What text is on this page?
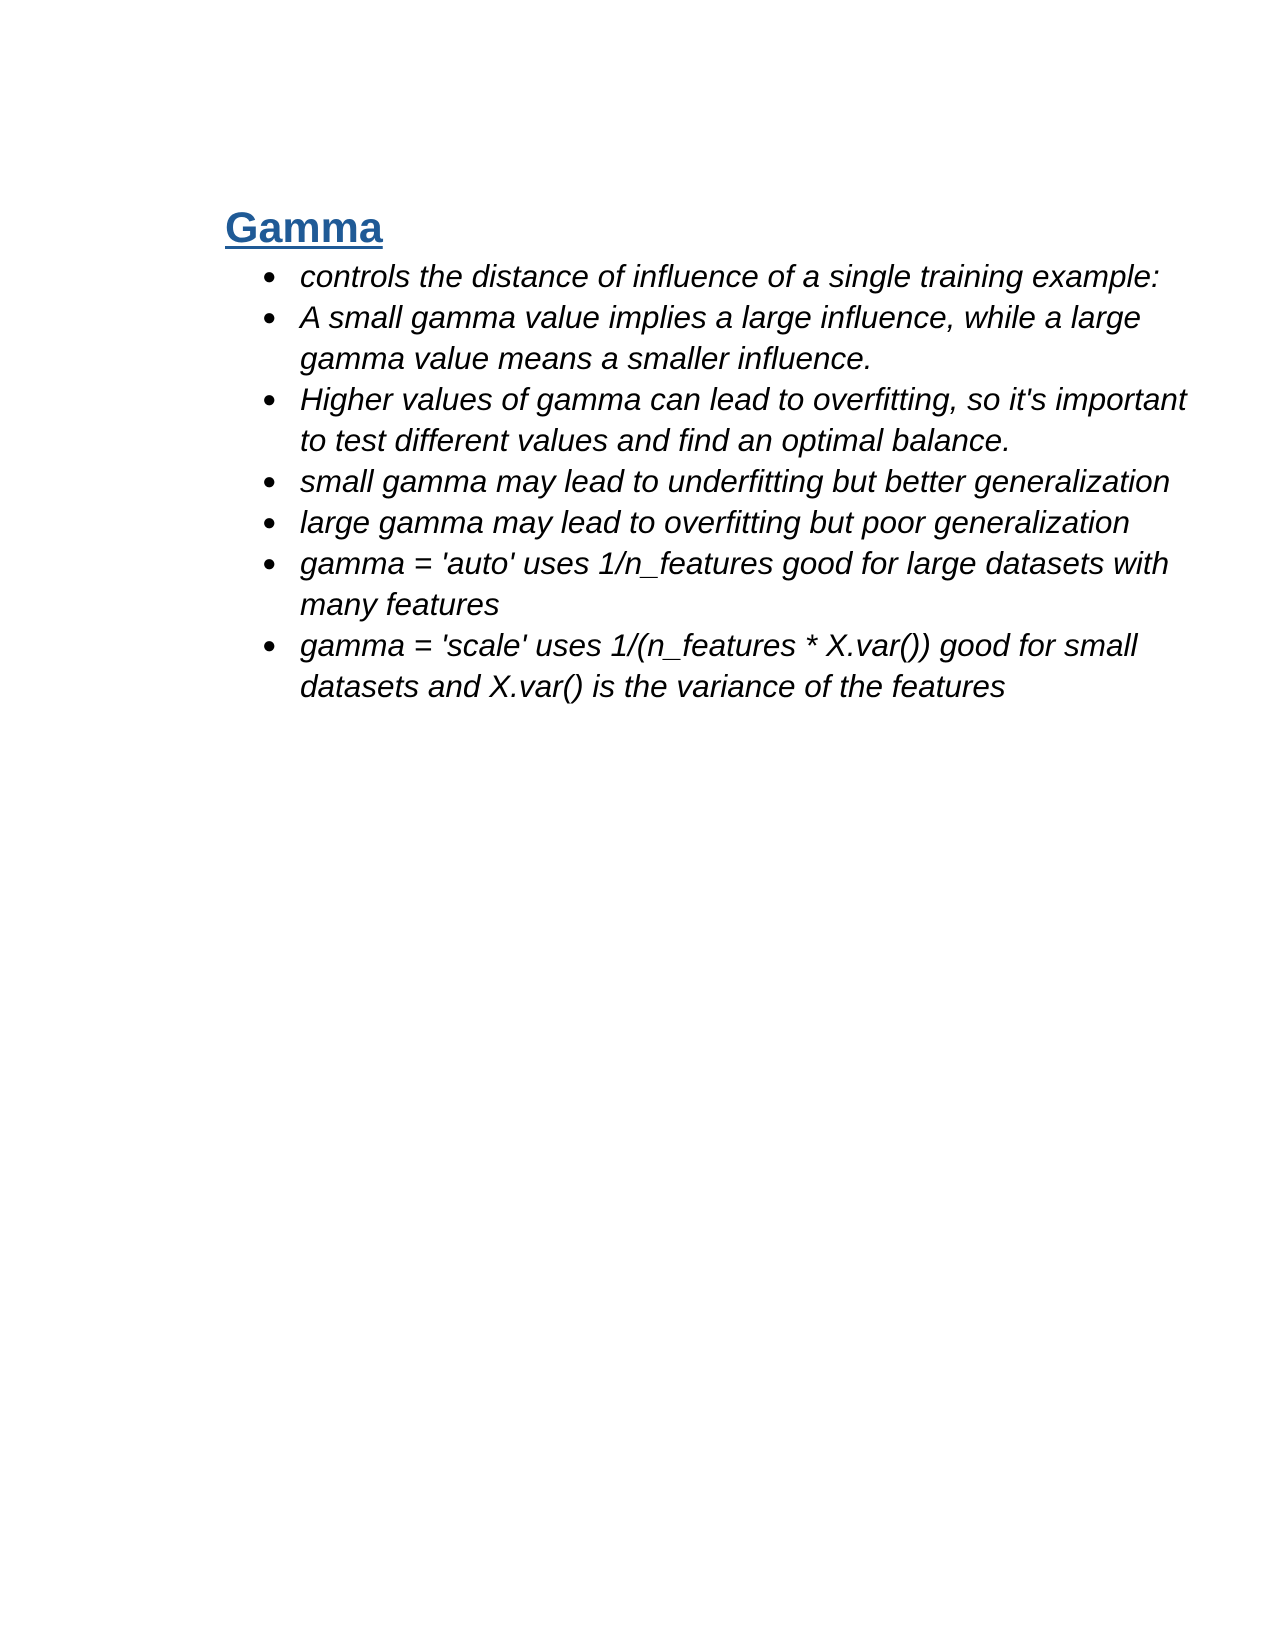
Gamma
● controls the distance of influence of a single training example:
● A small gamma value implies a large influence, while a large gamma value means a smaller influence.
● Higher values of gamma can lead to overfitting, so it's important to test different values and find an optimal balance.
● small gamma may lead to underfitting but better generalization
● large gamma may lead to overfitting but poor generalization
● gamma = 'auto' uses 1/n_features good for large datasets with many features
● gamma = 'scale' uses 1/(n_features * X.var()) good for small datasets and X.var() is the variance of the features
